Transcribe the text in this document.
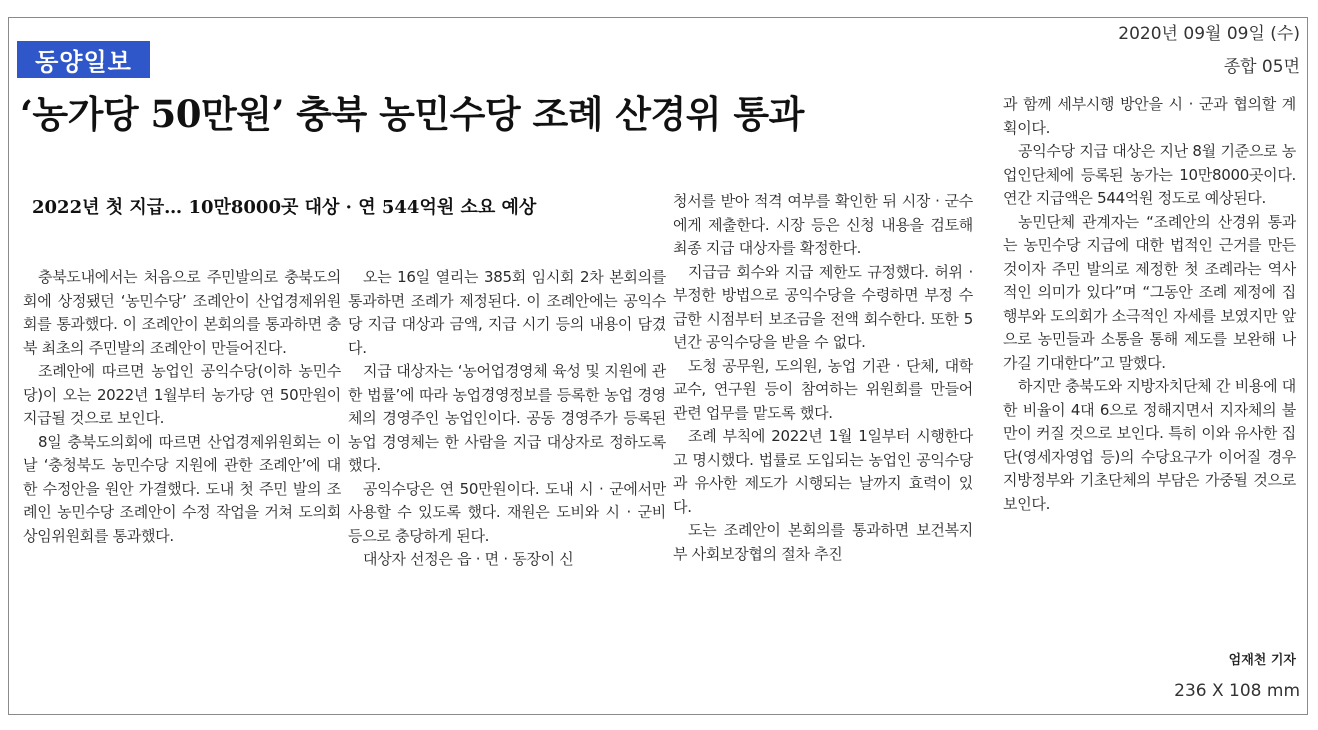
2020년 09월 09일 (수)
종합 05면
동양일보
‘농가당 50만원’ 충북 농민수당 조례 산경위 통과
2022년 첫 지급… 10만8000곳 대상 · 연 544억원 소요 예상

충북도내에서는 처음으로 주민발의로 충북도의회에 상정됐던 ‘농민수당’ 조례안이 산업경제위원회를 통과했다. 이 조례안이 본회의를 통과하면 충북 최초의 주민발의 조례안이 만들어진다.

조례안에 따르면 농업인 공익수당(이하 농민수당)이 오는 2022년 1월부터 농가당 연 50만원이 지급될 것으로 보인다.

8일 충북도의회에 따르면 산업경제위원회는 이날 ‘충청북도 농민수당 지원에 관한 조례안’에 대한 수정안을 원안 가결했다. 도내 첫 주민 발의 조례인 농민수당 조례안이 수정 작업을 거쳐 도의회 상임위원회를 통과했다.

오는 16일 열리는 385회 임시회 2차 본회의를 통과하면 조례가 제정된다. 이 조례안에는 공익수당 지급 대상과 금액, 지급 시기 등의 내용이 담겼다.

지급 대상자는 ‘농어업경영체 육성 및 지원에 관한 법률’에 따라 농업경영정보를 등록한 농업 경영체의 경영주인 농업인이다. 공동 경영주가 등록된 농업 경영체는 한 사람을 지급 대상자로 정하도록 했다.

공익수당은 연 50만원이다. 도내 시 · 군에서만 사용할 수 있도록 했다. 재원은 도비와 시 · 군비 등으로 충당하게 된다.

대상자 선정은 읍 · 면 · 동장이 신

청서를 받아 적격 여부를 확인한 뒤 시장 · 군수에게 제출한다. 시장 등은 신청 내용을 검토해 최종 지급 대상자를 확정한다.

지급금 회수와 지급 제한도 규정했다. 허위 · 부정한 방법으로 공익수당을 수령하면 부정 수급한 시점부터 보조금을 전액 회수한다. 또한 5년간 공익수당을 받을 수 없다.

도청 공무원, 도의원, 농업 기관 · 단체, 대학교수, 연구원 등이 참여하는 위원회를 만들어 관련 업무를 맡도록 했다.

조례 부칙에 2022년 1월 1일부터 시행한다고 명시했다. 법률로 도입되는 농업인 공익수당과 유사한 제도가 시행되는 날까지 효력이 있다.

도는 조례안이 본회의를 통과하면 보건복지부 사회보장협의 절차 추진

과 함께 세부시행 방안을 시 · 군과 협의할 계획이다.

공익수당 지급 대상은 지난 8월 기준으로 농업인단체에 등록된 농가는 10만8000곳이다. 연간 지급액은 544억원 정도로 예상된다.

농민단체 관계자는 “조례안의 산경위 통과는 농민수당 지급에 대한 법적인 근거를 만든 것이자 주민 발의로 제정한 첫 조례라는 역사적인 의미가 있다”며 “그동안 조례 제정에 집행부와 도의회가 소극적인 자세를 보였지만 앞으로 농민들과 소통을 통해 제도를 보완해 나가길 기대한다”고 말했다.

하지만 충북도와 지방자치단체 간 비용에 대한 비율이 4대 6으로 정해지면서 지자체의 불만이 커질 것으로 보인다. 특히 이와 유사한 집단(영세자영업 등)의 수당요구가 이어질 경우 지방정부와 기초단체의 부담은 가중될 것으로 보인다.

엄재천 기자
236 X 108 mm
